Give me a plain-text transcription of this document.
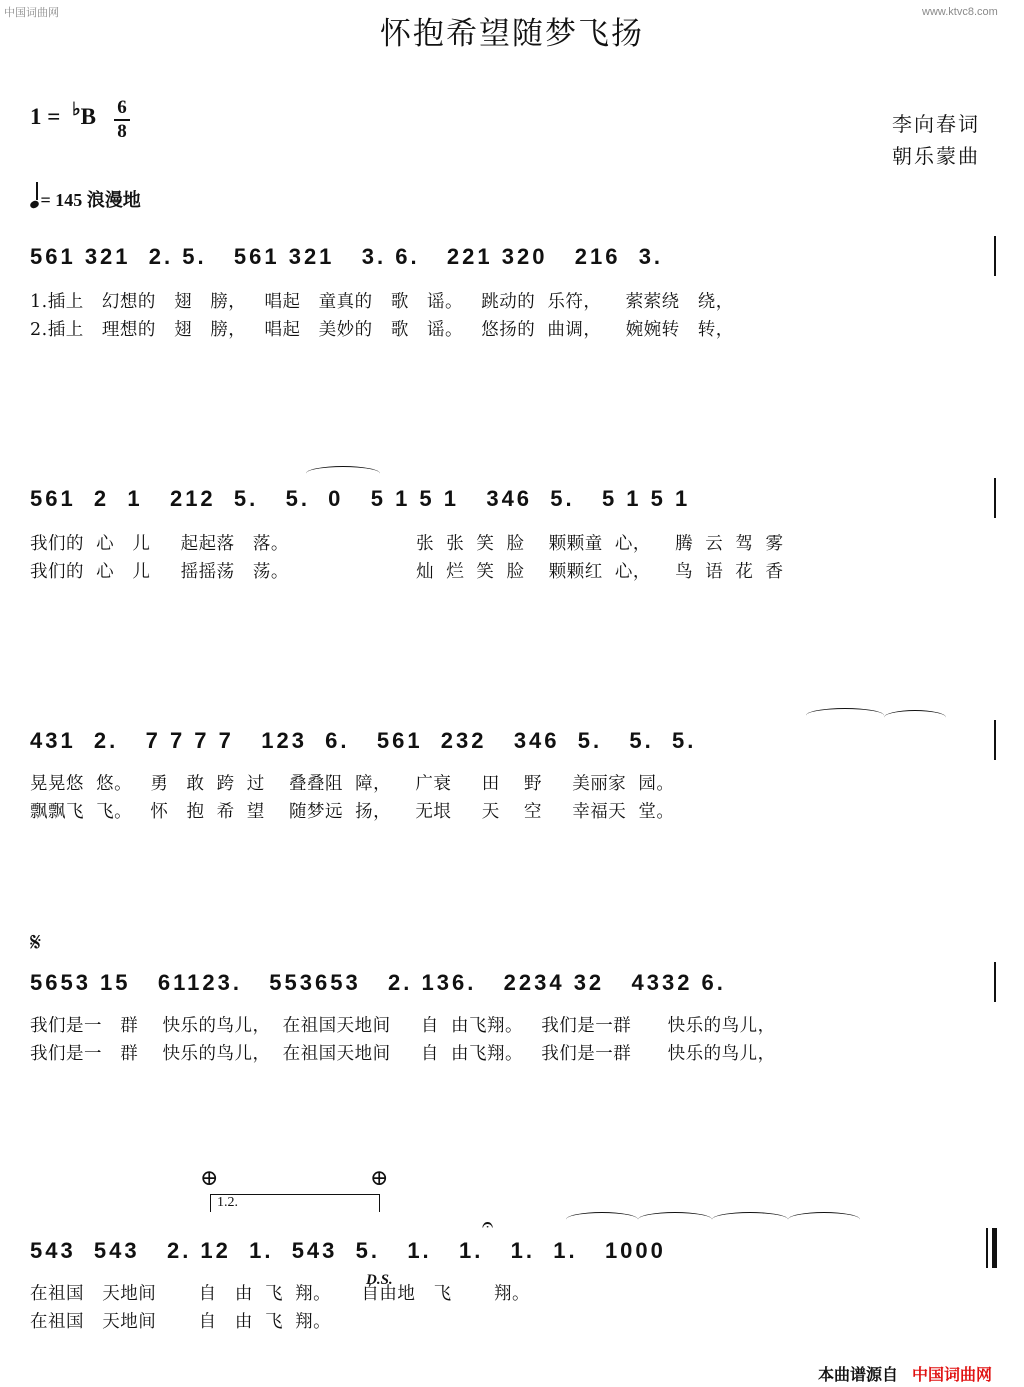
中国词曲网	www.ktvc8.com
怀抱希望随梦飞扬
1 = ♭B 6
8	李向春词
朝乐蒙曲
= 145 浪漫地
561 321  2. 5.   561 321   3. 6.   221 320   216  3.
1.插上   幻想的   翅   膀，   唱起   童真的   歌   谣。   跳动的  乐符，    萦萦绕   绕，
2.插上   理想的   翅   膀，   唱起   美妙的   歌   谣。   悠扬的  曲调，    婉婉转   转，
561  2  1   212  5.   5.  0   5 1 5 1   346  5.   5 1 5 1
我们的  心   儿     起起落   落。                     张  张  笑  脸    颗颗童  心，    腾  云  驾  雾
我们的  心   儿     摇摇荡   荡。                     灿  烂  笑  脸    颗颗红  心，    鸟  语  花  香
431  2.   7 7 7 7   123  6.   561  232   346  5.   5.  5.
晃晃悠  悠。   勇   敢  跨  过    叠叠阻  障，    广衰     田    野     美丽家  园。
飘飘飞  飞。   怀   抱  希  望    随梦远  扬，    无垠     天    空     幸福天  堂。
𝄋
5653 15   61123.   553653   2. 136.   2234 32   4332 6.
我们是一   群    快乐的鸟儿，  在祖国天地间     自  由飞翔。   我们是一群      快乐的鸟儿，
我们是一   群    快乐的鸟儿，  在祖国天地间     自  由飞翔。   我们是一群      快乐的鸟儿，
⊕	⊕
1.2.
𝄐
543  543   2. 12  1.  543  5.   1.   1.   1.  1.   1000
D.S.
在祖国   天地间       自   由  飞  翔。     自由地   飞       翔。
在祖国   天地间       自   由  飞  翔。
本曲谱源自 中国词曲网
